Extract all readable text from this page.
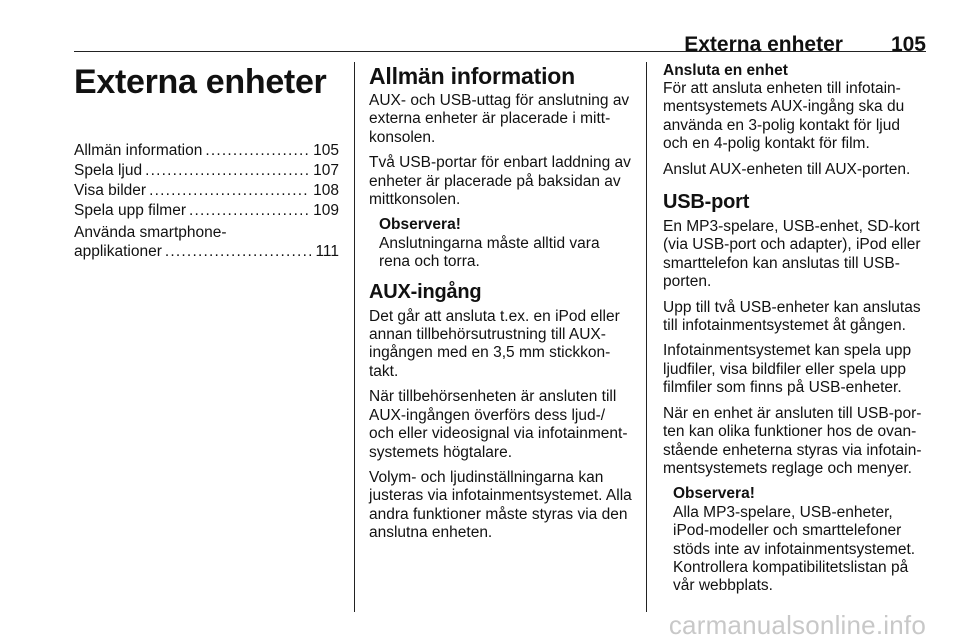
Externa enheter 105
Externa enheter
Allmän information .....	105
Spela ljud .....	107
Visa bilder .....	108
Spela upp filmer .....	109
Använda smartphone-
applikationer .....	111
Allmän information

AUX- och USB-uttag för anslutning av externa enheter är placerade i mitt-konsolen.

Två USB-portar för enbart laddning av enheter är placerade på baksidan av mittkonsolen.

Observera!
Anslutningarna måste alltid vara rena och torra.
AUX-ingång

Det går att ansluta t.ex. en iPod eller annan tillbehörsutrustning till AUX-ingången med en 3,5 mm stickkon-takt.

När tillbehörsenheten är ansluten till AUX-ingången överförs dess ljud-/ och eller videosignal via infotainment-systemets högtalare.

Volym- och ljudinställningarna kan justeras via infotainmentsystemet. Alla andra funktioner måste styras via den anslutna enheten.

Ansluta en enhet

För att ansluta enheten till infotain-mentsystemets AUX-ingång ska du använda en 3-polig kontakt för ljud och en 4-polig kontakt för film.

Anslut AUX-enheten till AUX-porten.

USB-port

En MP3-spelare, USB-enhet, SD-kort (via USB-port och adapter), iPod eller smarttelefon kan anslutas till USB-porten.

Upp till två USB-enheter kan anslutas till infotainmentsystemet åt gången.

Infotainmentsystemet kan spela upp ljudfiler, visa bildfiler eller spela upp filmfiler som finns på USB-enheter.

När en enhet är ansluten till USB-por-ten kan olika funktioner hos de ovan-stående enheterna styras via infotain-mentsystemets reglage och menyer.

Observera!
Alla MP3-spelare, USB-enheter, iPod-modeller och smarttelefoner stöds inte av infotainmentsystemet. Kontrollera kompatibilitetslistan på vår webbplats.
carmanualsonline.info
